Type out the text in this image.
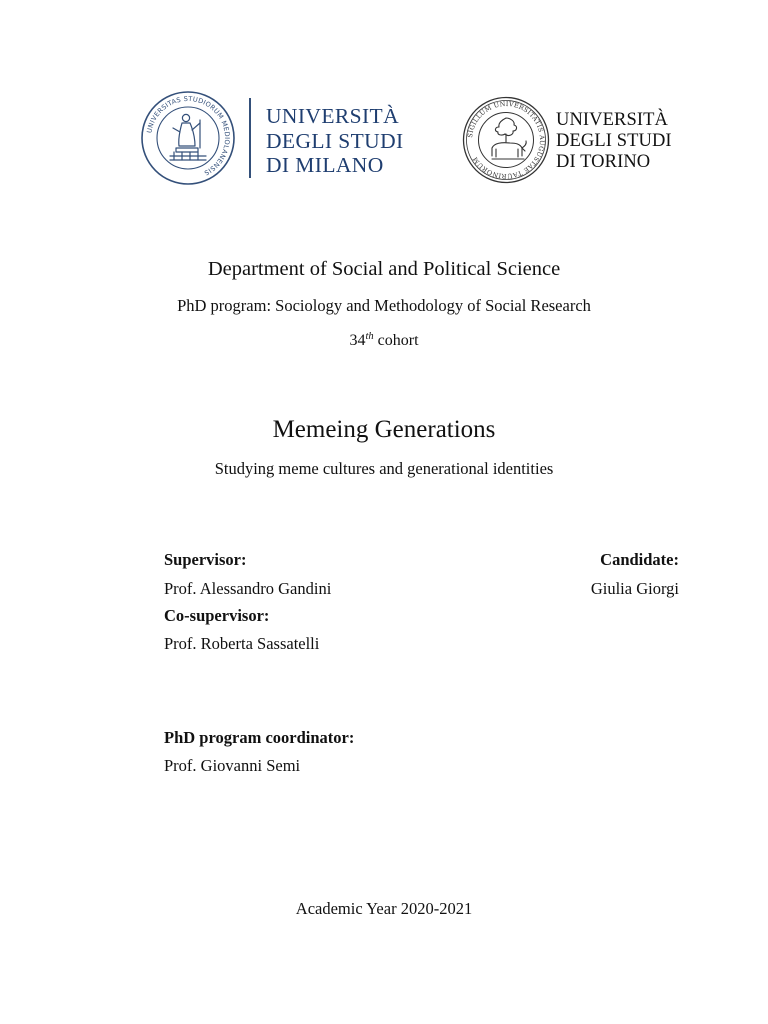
UNIVERSITAS STUDIORUM MEDIOLANENSIS
UNIVERSITÀ
DEGLI STUDI
DI MILANO
SIGILLUM UNIVERSITATIS AUGUSTAE TAURINORUM
UNIVERSITÀ
DEGLI STUDI
DI TORINO
Department of Social and Political Science
PhD program: Sociology and Methodology of Social Research
34th cohort
Memeing Generations
Studying meme cultures and generational identities
Supervisor:
Prof. Alessandro Gandini
Co-supervisor:
Prof. Roberta Sassatelli
Candidate:
Giulia Giorgi
PhD program coordinator:
Prof. Giovanni Semi
Academic Year 2020-2021
